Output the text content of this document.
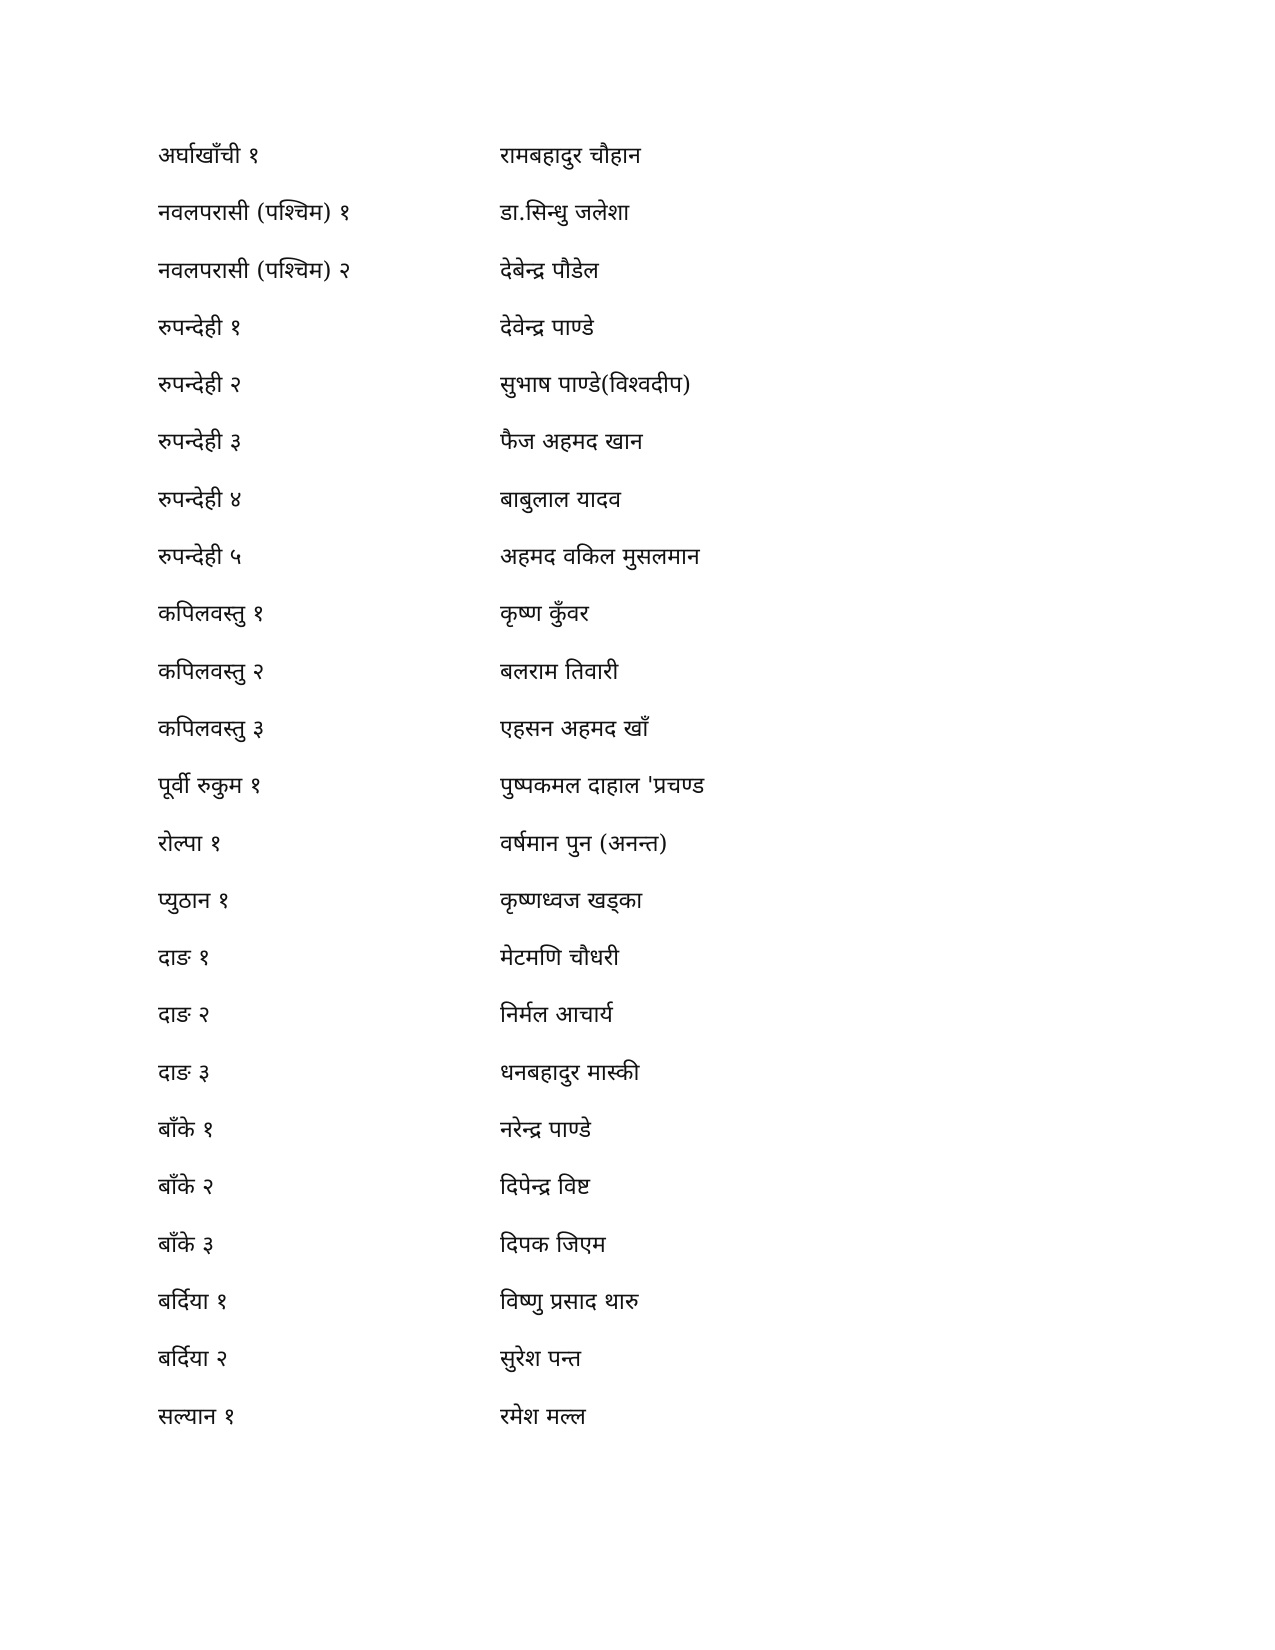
अर्घाखाँची १	रामबहादुर चौहान
नवलपरासी (पश्चिम) १	डा.सिन्धु जलेशा
नवलपरासी (पश्चिम) २	देबेन्द्र पौडेल
रुपन्देही १	देवेन्द्र पाण्डे
रुपन्देही २	सुभाष पाण्डे(विश्वदीप)
रुपन्देही ३	फैज अहमद खान
रुपन्देही ४	बाबुलाल यादव
रुपन्देही ५	अहमद वकिल मुसलमान
कपिलवस्तु १	कृष्ण कुँवर
कपिलवस्तु २	बलराम तिवारी
कपिलवस्तु ३	एहसन अहमद खाँ
पूर्वी रुकुम १	पुष्पकमल दाहाल 'प्रचण्ड
रोल्पा १	वर्षमान पुन (अनन्त)
प्युठान १	कृष्णध्वज खड्का
दाङ १	मेटमणि चौधरी
दाङ २	निर्मल आचार्य
दाङ ३	धनबहादुर मास्की
बाँके १	नरेन्द्र पाण्डे
बाँके २	दिपेन्द्र विष्ट
बाँके ३	दिपक जिएम
बर्दिया १	विष्णु प्रसाद थारु
बर्दिया २	सुरेश पन्त
सल्यान १	रमेश मल्ल
